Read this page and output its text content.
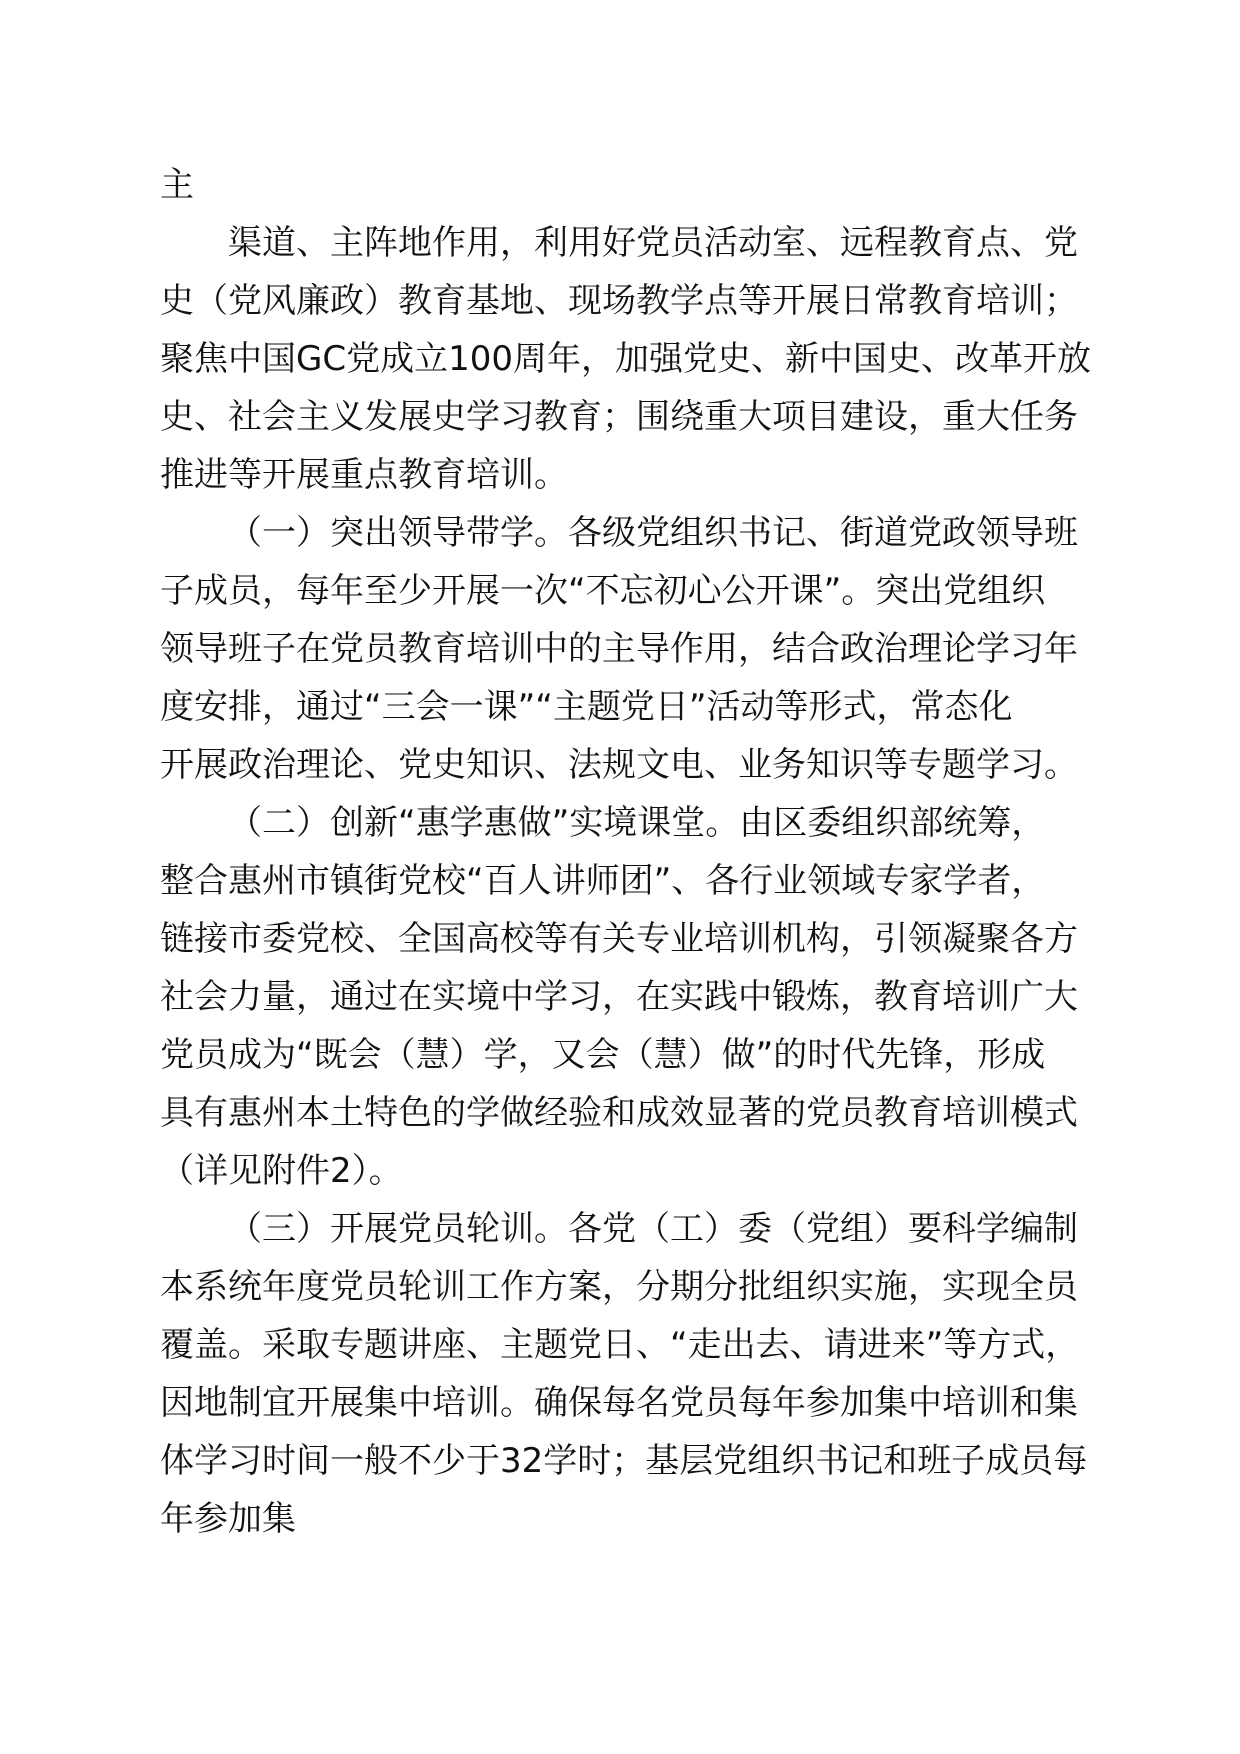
主
渠道、主阵地作用，利用好党员活动室、远程教育点、党
史（党风廉政）教育基地、现场教学点等开展日常教育培训；
聚焦中国GC党成立100周年，加强党史、新中国史、改革开放
史、社会主义发展史学习教育；围绕重大项目建设，重大任务
推进等开展重点教育培训。
（一）突出领导带学。各级党组织书记、街道党政领导班
子成员，每年至少开展一次“不忘初心公开课”。突出党组织
领导班子在党员教育培训中的主导作用，结合政治理论学习年
度安排，通过“三会一课”“主题党日”活动等形式，常态化
开展政治理论、党史知识、法规文电、业务知识等专题学习。
（二）创新“惠学惠做”实境课堂。由区委组织部统筹，
整合惠州市镇街党校“百人讲师团”、各行业领域专家学者，
链接市委党校、全国高校等有关专业培训机构，引领凝聚各方
社会力量，通过在实境中学习，在实践中锻炼，教育培训广大
党员成为“既会（慧）学，又会（慧）做”的时代先锋，形成
具有惠州本土特色的学做经验和成效显著的党员教育培训模式
（详见附件2）。
（三）开展党员轮训。各党（工）委（党组）要科学编制
本系统年度党员轮训工作方案，分期分批组织实施，实现全员
覆盖。采取专题讲座、主题党日、“走出去、请进来”等方式，
因地制宜开展集中培训。确保每名党员每年参加集中培训和集
体学习时间一般不少于32学时；基层党组织书记和班子成员每
年参加集
